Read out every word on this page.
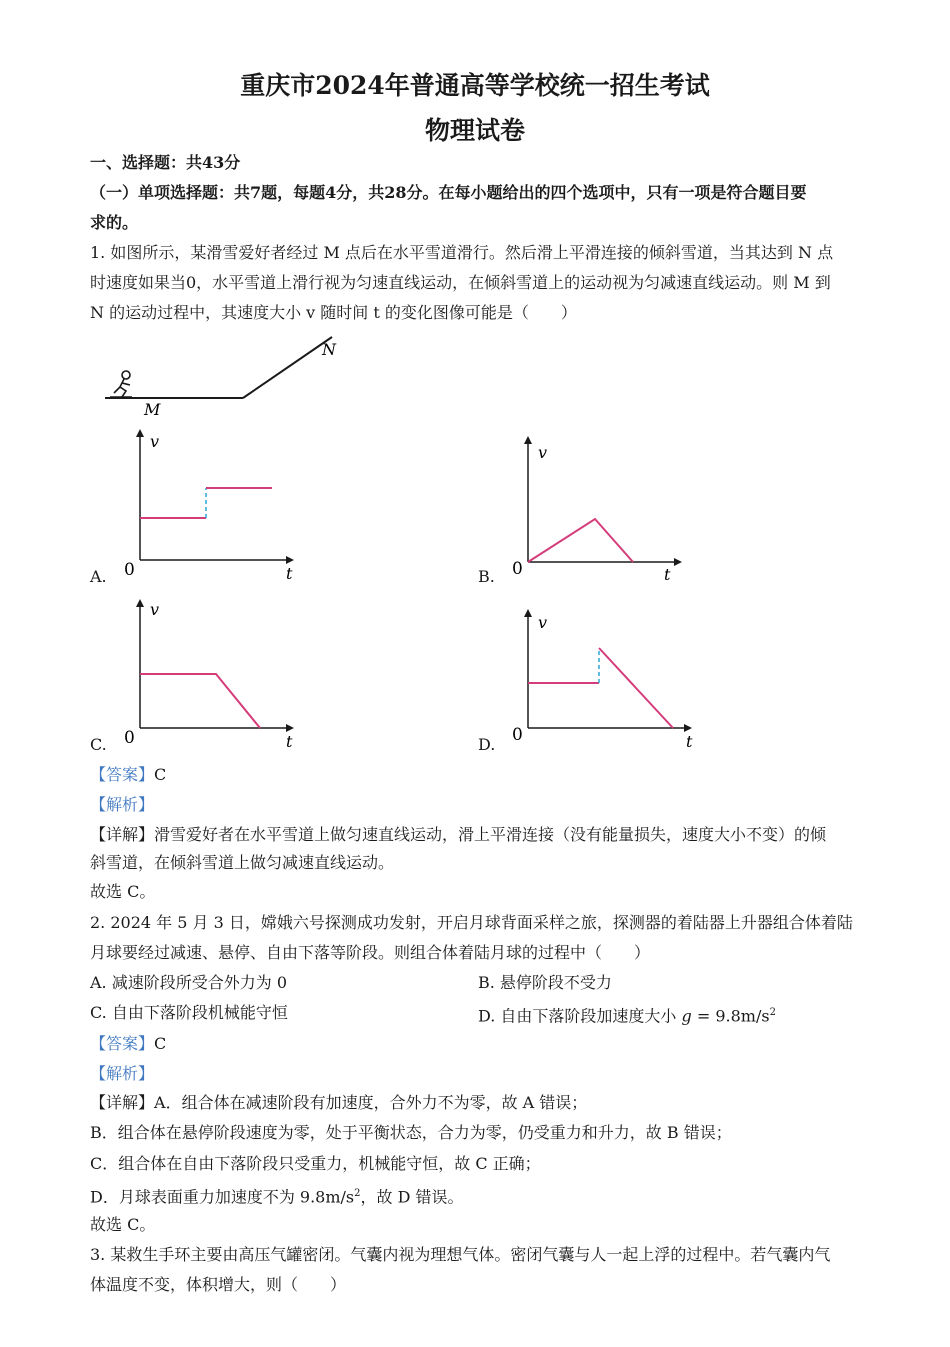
重庆市2024年普通高等学校统一招生考试
物理试卷
一、选择题：共43分
（一）单项选择题：共7题，每题4分，共28分。在每小题给出的四个选项中，只有一项是符合题目要
求的。
1. 如图所示，某滑雪爱好者经过 M 点后在水平雪道滑行。然后滑上平滑连接的倾斜雪道，当其达到 N 点
时速度如果当0，水平雪道上滑行视为匀速直线运动，在倾斜雪道上的运动视为匀减速直线运动。则 M 到
N 的运动过程中，其速度大小 v 随时间 t 的变化图像可能是（　　）
M
N
A.
v
t
0	B.
v
t
0
C.
v
t
0	D.
v
t
0
【答案】C
【解析】
【详解】滑雪爱好者在水平雪道上做匀速直线运动，滑上平滑连接（没有能量损失，速度大小不变）的倾
斜雪道，在倾斜雪道上做匀减速直线运动。
故选 C。
2. 2024 年 5 月 3 日，嫦娥六号探测成功发射，开启月球背面采样之旅，探测器的着陆器上升器组合体着陆
月球要经过减速、悬停、自由下落等阶段。则组合体着陆月球的过程中（　　）
A. 减速阶段所受合外力为 0	B. 悬停阶段不受力
C. 自由下落阶段机械能守恒	D. 自由下落阶段加速度大小 $g = 9.8m/s^2$
【答案】C
【解析】
【详解】A．组合体在减速阶段有加速度，合外力不为零，故 A 错误；
B．组合体在悬停阶段速度为零，处于平衡状态，合力为零，仍受重力和升力，故 B 错误；
C．组合体在自由下落阶段只受重力，机械能守恒，故 C 正确；
D．月球表面重力加速度不为 $9.8m/s^2$，故 D 错误。
故选 C。
3. 某救生手环主要由高压气罐密闭。气囊内视为理想气体。密闭气囊与人一起上浮的过程中。若气囊内气
体温度不变，体积增大，则（　　）
